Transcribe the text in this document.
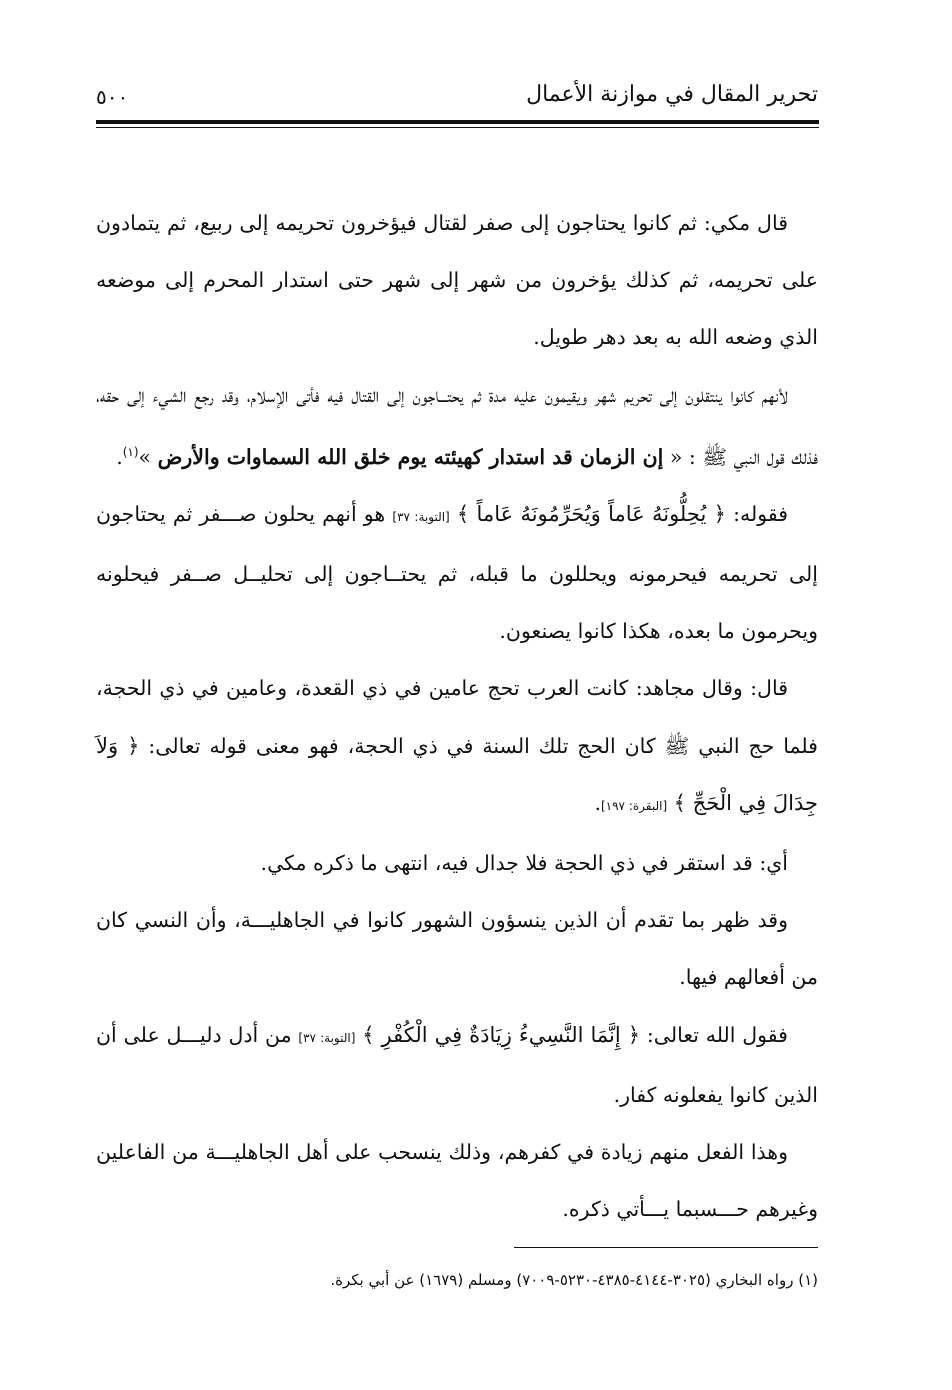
٥٠٠	تحرير المقال في موازنة الأعمال

قال مكي: ثم كانوا يحتاجون إلى صفر لقتال فيؤخرون تحريمه إلى ربيع، ثم يتمادون على تحريمه، ثم كذلك يؤخرون من شهر إلى شهر حتى استدار المحرم إلى موضعه الذي وضعه الله به بعد دهر طويل.

لأنهم كانوا ينتقلون إلى تحريم شهر ويقيمون عليه مدة ثم يحتـــاجون إلى القتال فيه فأتى الإسلام، وقد رجع الشيء إلى حقه، فذلك قول النبي ﷺ : « إن الزمان قد استدار كهيئته يوم خلق الله السماوات والأرض »$^{(١)}$.

فقوله: ﴿ يُحِلُّونَهُ عَاماً وَيُحَرِّمُونَهُ عَاماً ﴾ [التوبة: ٣٧] هو أنهم يحلون صـــفر ثم يحتاجون إلى تحريمه فيحرمونه ويحللون ما قبله، ثم يحتــاجون إلى تحليــل صــفر فيحلونه ويحرمون ما بعده، هكذا كانوا يصنعون.

قال: وقال مجاهد: كانت العرب تحج عامين في ذي القعدة، وعامين في ذي الحجة، فلما حج النبي ﷺ كان الحج تلك السنة في ذي الحجة، فهو معنى قوله تعالى: ﴿ وَلاَ جِدَالَ فِي الْحَجِّ ﴾ [البقرة: ١٩٧].

أي: قد استقر في ذي الحجة فلا جدال فيه، انتهى ما ذكره مكي.

وقد ظهر بما تقدم أن الذين ينسؤون الشهور كانوا في الجاهليـــة، وأن النسي كان من أفعالهم فيها.

فقول الله تعالى: ﴿ إِنَّمَا النَّسِيءُ زِيَادَةٌ فِي الْكُفْرِ ﴾ [التوبة: ٣٧] من أدل دليـــل على أن الذين كانوا يفعلونه كفار.

وهذا الفعل منهم زيادة في كفرهم، وذلك ينسحب على أهل الجاهليـــة من الفاعلين وغيرهم حـــسبما يـــأتي ذكره.

(١) رواه البخاري (٣٠٢٥-٤١٤٤-٤٣٨٥-٥٢٣٠-٧٠٠٩) ومسلم (١٦٧٩) عن أبي بكرة.
